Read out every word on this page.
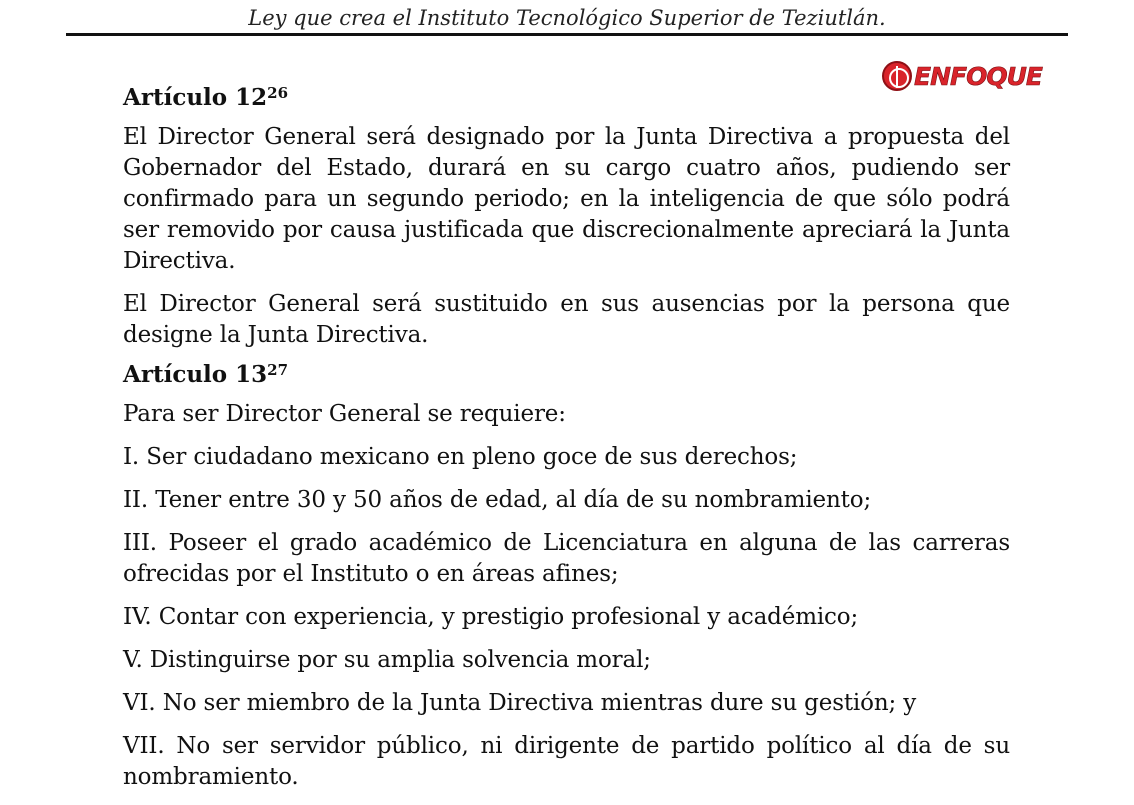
Ley que crea el Instituto Tecnológico Superior de Teziutlán.
ENFOQUE
Artículo $12^{26}$

El Director General será designado por la Junta Directiva a propuesta del Gobernador del Estado, durará en su cargo cuatro años, pudiendo ser confirmado para un segundo periodo; en la inteligencia de que sólo podrá ser removido por causa justificada que discrecionalmente apreciará la Junta Directiva.

El Director General será sustituido en sus ausencias por la persona que designe la Junta Directiva.

Artículo $13^{27}$

Para ser Director General se requiere:

I. Ser ciudadano mexicano en pleno goce de sus derechos;

II. Tener entre 30 y 50 años de edad, al día de su nombramiento;

III. Poseer el grado académico de Licenciatura en alguna de las carreras ofrecidas por el Instituto o en áreas afines;

IV. Contar con experiencia, y prestigio profesional y académico;

V. Distinguirse por su amplia solvencia moral;

VI. No ser miembro de la Junta Directiva mientras dure su gestión; y

VII. No ser servidor público, ni dirigente de partido político al día de su nombramiento.
